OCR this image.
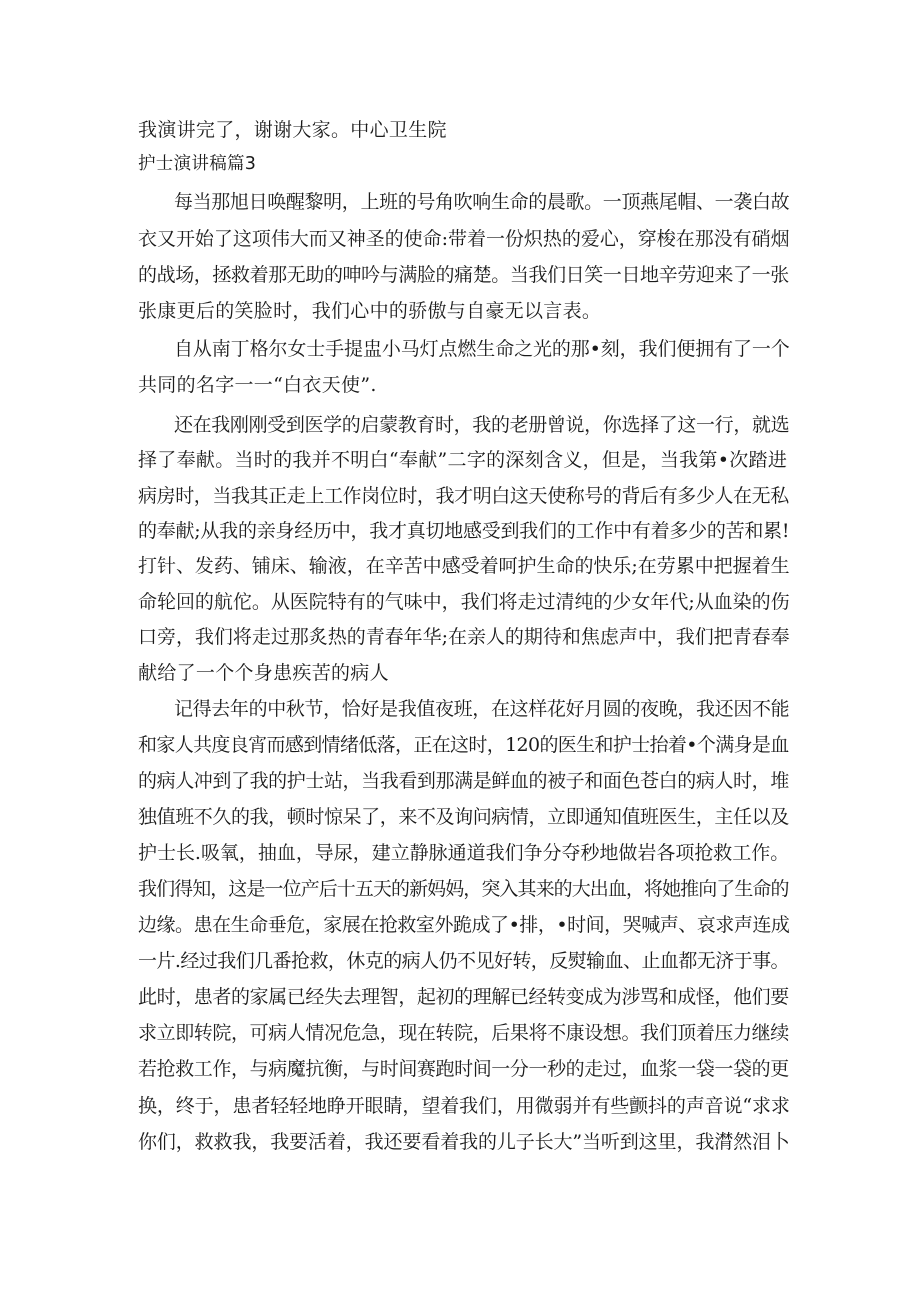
我演讲完了，谢谢大家。中心卫生院
护士演讲稿篇3
每当那旭日唤醒黎明，上班的号角吹响生命的晨歌。一顶燕尾帽、一袭白故
衣又开始了这项伟大而又神圣的使命:带着一份炽热的爱心，穿梭在那没有硝烟
的战场，拯救着那无助的呻吟与满脸的痛楚。当我们日笑一日地辛劳迎来了一张
张康更后的笑脸时，我们心中的骄傲与自豪无以言表。
自从南丁格尔女士手提盅小马灯点燃生命之光的那•刻，我们便拥有了一个
共同的名字一一“白衣天使”.
还在我刚刚受到医学的启蒙教育时，我的老册曾说，你选择了这一行，就选
择了奉献。当时的我并不明白“奉献”二字的深刻含义，但是，当我第•次踏进
病房时，当我其正走上工作岗位时，我才明白这天使称号的背后有多少人在无私
的奉献;从我的亲身经历中，我才真切地感受到我们的工作中有着多少的苦和累!
打针、发药、铺床、输液，在辛苦中感受着呵护生命的快乐;在劳累中把握着生
命轮回的航佗。从医院特有的气味中，我们将走过清纯的少女年代;从血染的伤
口旁，我们将走过那炙热的青春年华;在亲人的期待和焦虑声中，我们把青春奉
献给了一个个身患疾苦的病人
记得去年的中秋节，恰好是我值夜班，在这样花好月圆的夜晚，我还因不能
和家人共度良宵而感到情绪低落，正在这时，120的医生和护士抬着•个满身是血
的病人冲到了我的护士站，当我看到那满是鲜血的被子和面色苍白的病人时，堆
独值班不久的我，顿时惊呆了，来不及询问病情，立即通知值班医生，主任以及
护士长.吸氧，抽血，导尿，建立静脉通道我们争分夺秒地做岩各项抢救工作。
我们得知，这是一位产后十五天的新妈妈，突入其来的大出血，将她推向了生命的
边缘。患在生命垂危，家展在抢救室外跪成了•排，•时间，哭喊声、哀求声连成
一片.经过我们几番抢救，休克的病人仍不见好转，反熨输血、止血都无济于事。
此时，患者的家属已经失去理智，起初的理解已经转变成为涉骂和成怪，他们要
求立即转院，可病人情况危急，现在转院，后果将不康设想。我们顶着压力继续
若抢救工作，与病魔抗衡，与时间赛跑时间一分一秒的走过，血浆一袋一袋的更
换，终于，患者轻轻地睁开眼睛，望着我们，用微弱并有些颤抖的声音说“求求
你们，救救我，我要活着，我还要看着我的儿子长大”当听到这里，我潸然泪卜
